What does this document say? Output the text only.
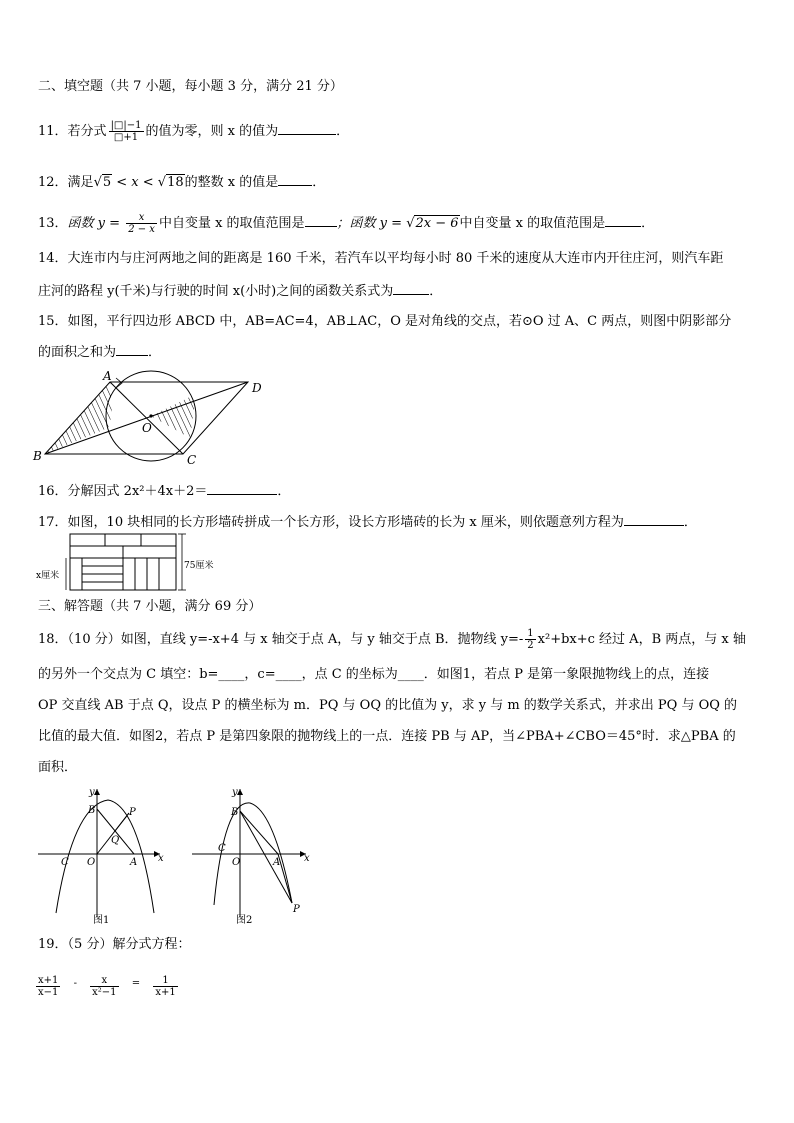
二、填空题（共 7 小题，每小题 3 分，满分 21 分）
11．若分式 $\frac{|□|-1}{□+1}$ 的值为零，则 x 的值为	．
12．满足√5 < x < √18的整数 x 的值是	．
13．函数 $y = \frac{x}{2 - x}$ 中自变量 x 的取值范围是 ；函数 y = √2x − 6中自变量 x 的取值范围是	．
14．大连市内与庄河两地之间的距离是 160 千米，若汽车以平均每小时 80 千米的速度从大连市内开往庄河，则汽车距
庄河的路程 y(千米)与行驶的时间 x(小时)之间的函数关系式为	．
15．如图，平行四边形 ABCD 中，AB=AC=4，AB⊥AC，O 是对角线的交点，若⊙O 过 A、C 两点，则图中阴影部分
的面积之和为 ．
A
B	C
D
O
16．分解因式 2x²＋4x＋2＝	．
17．如图，10 块相同的长方形墙砖拼成一个长方形，设长方形墙砖的长为 x 厘米，则依题意列方程为	．
x厘米
75厘米
三、解答题（共 7 小题，满分 69 分）
18．（10 分）如图，直线 y=-x+4 与 x 轴交于点 A，与 y 轴交于点 B．抛物线 $y=- \frac{1}{2} x^2+bx+c$ 经过 A，B 两点，与 x 轴
的另外一个交点为 C 填空：b=____，c=____，点 C 的坐标为____．如图1，若点 P 是第一象限抛物线上的点，连接
OP 交直线 AB 于点 Q，设点 P 的横坐标为 m．PQ 与 OQ 的比值为 y，求 y 与 m 的数学关系式，并求出 PQ 与 OQ 的
比值的最大值．如图2，若点 P 是第四象限的抛物线上的一点．连接 PB 与 AP，当∠PBA+∠CBO＝45°时．求△PBA 的
面积．
x
y
O	A
B
C
P
Q
图1
x
y
O	A
B
C
P
图2
19．（5 分）解分式方程：
$\frac{x+1}{x-1} - \frac{x}{\text{x²−1}} = \frac{1}{x+1}$
